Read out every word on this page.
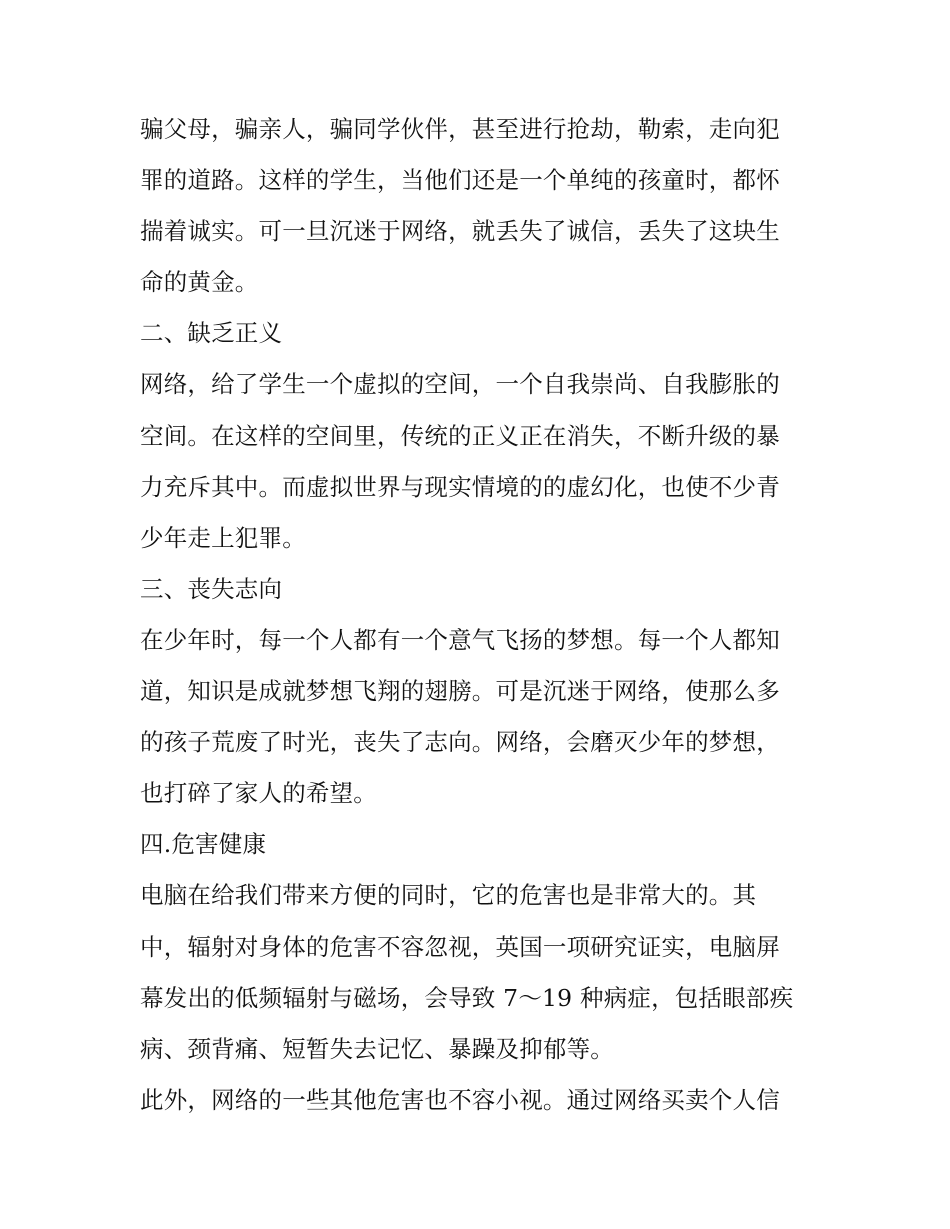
骗父母，骗亲人，骗同学伙伴，甚至进行抢劫，勒索，走向犯
罪的道路。这样的学生，当他们还是一个单纯的孩童时，都怀
揣着诚实。可一旦沉迷于网络，就丢失了诚信，丢失了这块生
命的黄金。
二、缺乏正义
网络，给了学生一个虚拟的空间，一个自我崇尚、自我膨胀的
空间。在这样的空间里，传统的正义正在消失，不断升级的暴
力充斥其中。而虚拟世界与现实情境的的虚幻化，也使不少青
少年走上犯罪。
三、丧失志向
在少年时，每一个人都有一个意气飞扬的梦想。每一个人都知
道，知识是成就梦想飞翔的翅膀。可是沉迷于网络，使那么多
的孩子荒废了时光，丧失了志向。网络，会磨灭少年的梦想，
也打碎了家人的希望。
四.危害健康
电脑在给我们带来方便的同时，它的危害也是非常大的。其
中，辐射对身体的危害不容忽视，英国一项研究证实，电脑屏
幕发出的低频辐射与磁场，会导致 7～19 种病症，包括眼部疾
病、颈背痛、短暂失去记忆、暴躁及抑郁等。
此外，网络的一些其他危害也不容小视。通过网络买卖个人信
